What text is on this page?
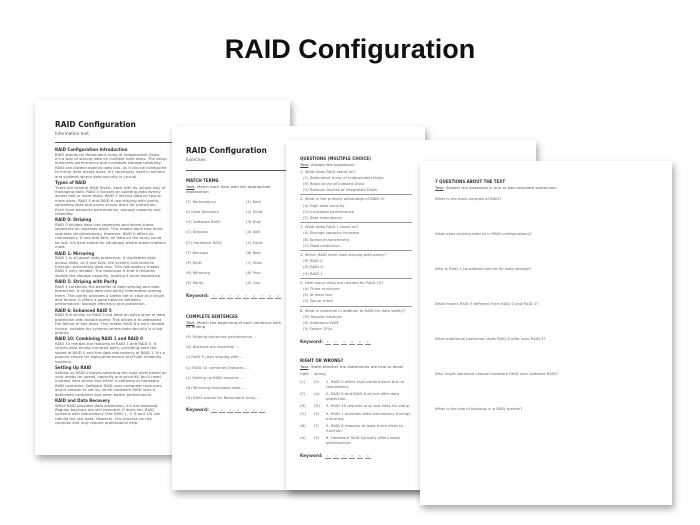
RAID Configuration
RAID Configuration
Information text
RAID Configuration Introduction
RAID stands for Redundant Array of Independent Disks. It's a way of storing data on multiple hard disks. The setup enhances performance and increases storage reliability. RAID can protect against data loss, as it can be configured to mirror data across disks. It's commonly used in servers and systems where data security is crucial.
Types of RAID
There are several RAID levels, each with its unique way of managing data. RAID 0 focuses on splitting data evenly across two or more disks. RAID 1 mirrors data on two or more disks. RAID 5 and RAID 6 use striping with parity, spreading data and parity across disks for protection. Each level balances performance, storage capacity and reliability.
RAID 0: Striping
RAID 0 divides data into segments and stores these segments on separate disks. This means each disk drive operates simultaneously. However, RAID 0 offers no redundancy; if one disk fails, all data on the array could be lost. It's best suited for situations where speed matters most.
RAID 1: Mirroring
RAID 1 is all about data protection. It duplicates data across disks, so if one fails, the system continues to function, preventing data loss. This redundancy makes RAID 1 very reliable. The downside is that it requires double the storage capacity, making it more expensive.
RAID 5: Striping with Parity
RAID 5 combines the benefits of both striping and data protection. It stripes data and parity information among them. This parity provides a safety net in case of a single disk failure. It offers a good balance between performance, storage efficiency and protection.
RAID 6: Enhanced RAID 5
RAID 6 is similar to RAID 5 but adds an extra layer of data protection with double parity. This allows it to withstand the failure of two disks. This makes RAID 6 a very reliable choice, suitable for systems where data security is a top priority.
RAID 10: Combining RAID 1 and RAID 0
RAID 10 merges the features of RAID 1 and RAID 0. It stripes data across mirrored pairs, providing both the speed of RAID 0 and the data redundancy of RAID 1. It's a popular choice for high-performance and high-reliability systems.
Setting Up RAID
Setting up RAID involves selecting the right level based on your needs for speed, capacity and security. You'll need multiple hard drives and either a software or hardware RAID controller. Software RAID uses computer resources and is simpler to set up, while hardware RAID uses a dedicated controller and often better performance.
RAID and Data Recovery
While RAID provides data protection, it's not foolproof. Regular backups are still essential. If disks fail, RAID systems with redundancy (like RAID 1, 5, 6 and 10) can rebuild the lost data. However, this process can be complex and may require professional help.
RAID Configuration
Exercises
MATCH TERMS
Task: Match each item with the appropriate explanation
(T) Redundancy	(1) Real
(I) Data Recovery	(2) Divid
(U) Software RAID	(3) Dupl
(C) Striping	(4) Add
(O) Hardware RAID	(5) Extra
(T) Backups	(6) Rest
(P) RAID	(7) Utiliz
(R) Mirroring	(8) Proc
(E) Parity	(9) Cop
Keyword: 1 2 3 4 5 6 7 8 9
COMPLETE SENTENCES
Task: Match the beginning of each sentence with its ending
(P) Striping enhances performance ...
(A) Backups are essential ...
(I) RAID 5 uses striping with ...
(L) RAID 10 combines features ...
(L) Setting up RAID requires ...
(N) Mirroring duplicates data ...
(H) RAID stands for Redundant Array ...
Keyword: 1 2 3 4 5 6 7
QUESTIONS (MULTIPLE CHOICE)
Task: Answer the questions!
1. What does RAID stand for?
(C) Redundant Array of Independent Disks
(R) Rapid Array of Indexed Disks
(V) Random Access of Integrated Disks
2. What is the primary advantage of RAID 0?
(A) High data security
(O) Increased performance
(T) Data redundancy
3. What does RAID 1 focus on?
(A) Storage capacity increase
(B) Speed enhancement
(O) Data protection
4. Which RAID level uses striping with parity?
(R) RAID 0
(D) RAID 5
(H) RAID 1
5. How many disks are needed for RAID 10?
(A) Three minimum
(E) At least four
(S) Two or more
6. What is essential in addition to RAID for data safety?
(M) Regular backups
(R) Additional RAM
(V) Faster CPUs
Keyword: 1 2 3 4 5 6
RIGHT OR WRONG?
Task: State whether the statements are true or false!
right	wrong
(L)	(V)	1. RAID 0 offers high performance but no redundancy.
(F)	(A)	2. RAID 5 and RAID 6 do not offer data protection.
(R)	(D)	3. RAID 10 requires only two disks for setup.
(O)	(E)	4. RAID 1 provides data redundancy through mirroring.
(B)	(T)	5. RAID 6 requires at least three disks to function.
(A)	(E)	6. Hardware RAID typically offers lower performance.
Keyword: 1 2 3 4 5 6
7 QUESTIONS ABOUT THE TEXT
Task: Answer the questions in one or two complete sentences!
What is the main purpose of RAID?
What does striping refer to in RAID configurations?
Why is RAID 1 considered secure for data storage?
What makes RAID 5 different from RAID 0 and RAID 1?
What additional protection does RAID 6 offer over RAID 5?
Why might someone choose hardware RAID over software RAID?
What is the role of backups in a RAID system?
